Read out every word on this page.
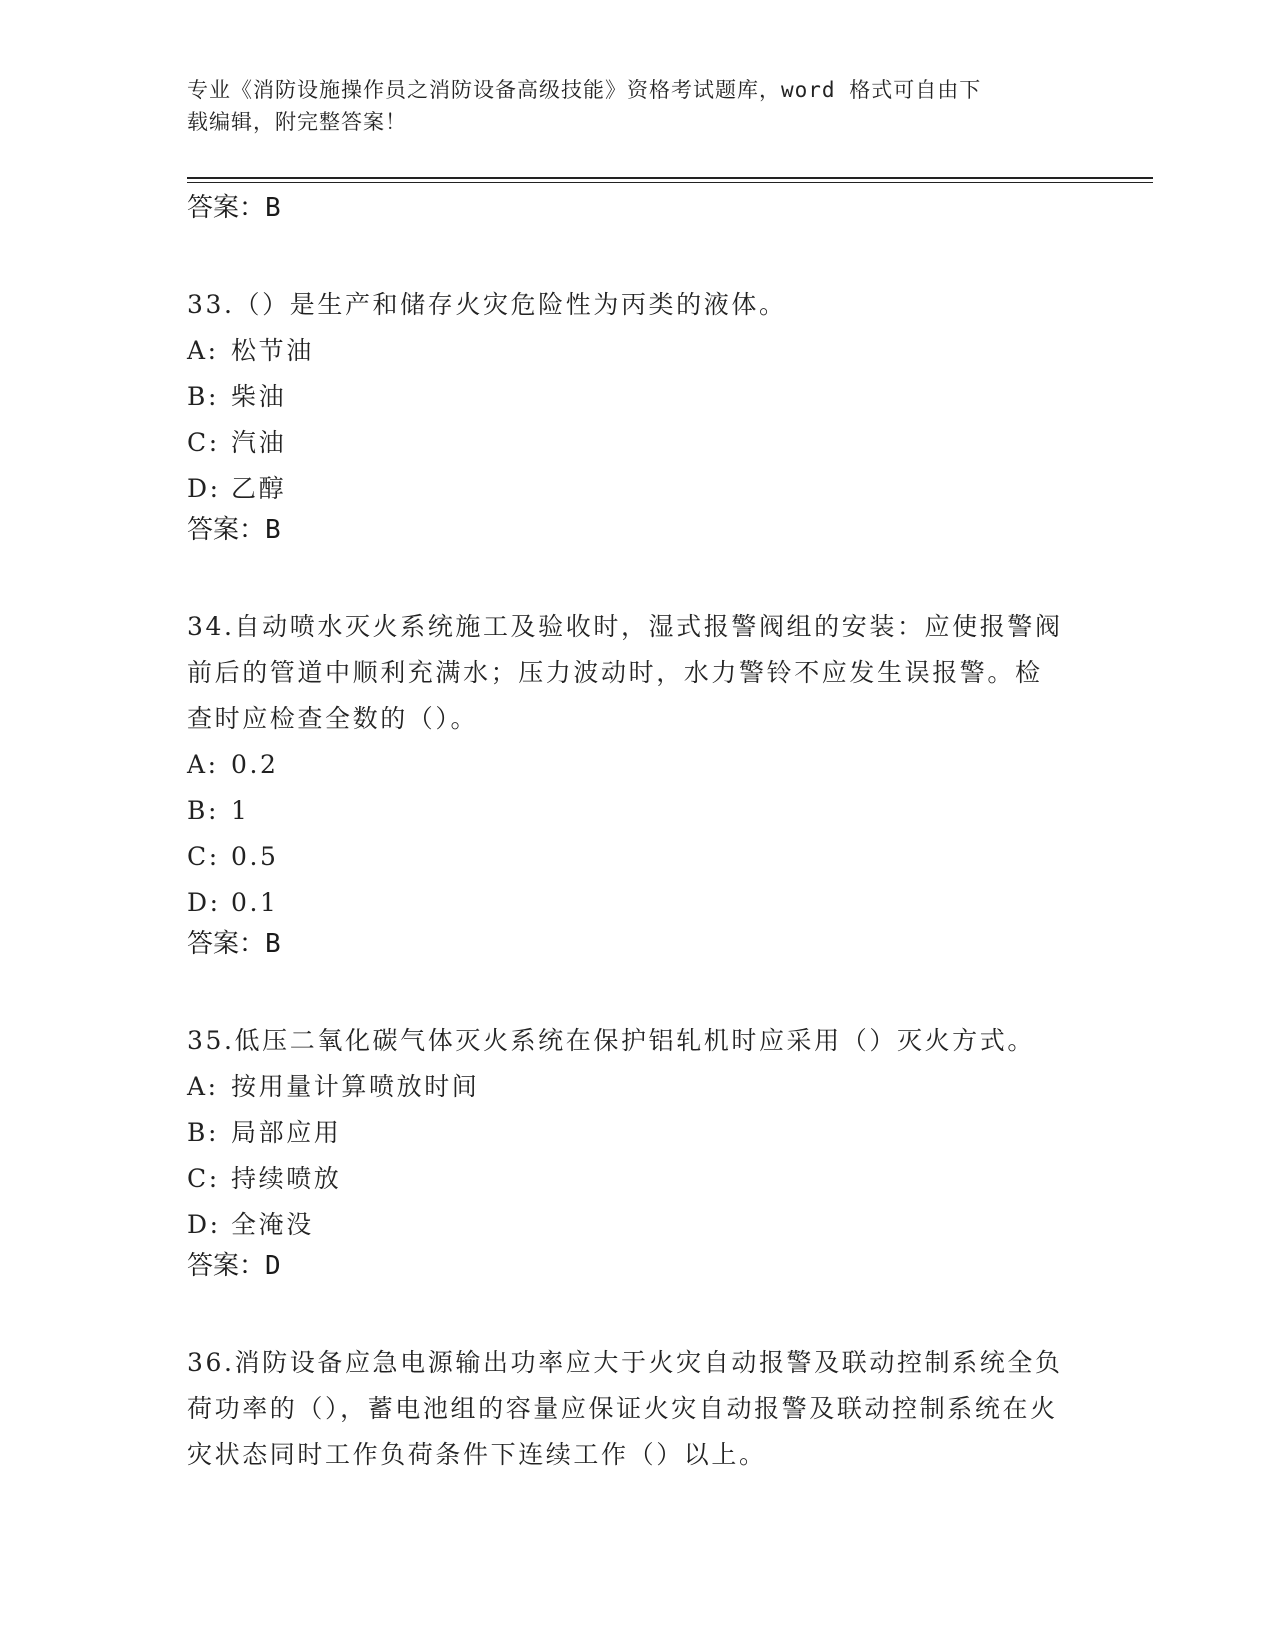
专业《消防设施操作员之消防设备高级技能》资格考试题库，word 格式可自由下
载编辑，附完整答案！
答案：B
33.（）是生产和储存火灾危险性为丙类的液体。
A: 松节油
B: 柴油
C: 汽油
D: 乙醇
答案：B
34.自动喷水灭火系统施工及验收时，湿式报警阀组的安装：应使报警阀前后的管道中顺利充满水；压力波动时，水力警铃不应发生误报警。检查时应检查全数的（）。
A: 0.2
B: 1
C: 0.5
D: 0.1
答案：B
35.低压二氧化碳气体灭火系统在保护铝轧机时应采用（）灭火方式。
A: 按用量计算喷放时间
B: 局部应用
C: 持续喷放
D: 全淹没
答案：D
36.消防设备应急电源输出功率应大于火灾自动报警及联动控制系统全负荷功率的（），蓄电池组的容量应保证火灾自动报警及联动控制系统在火灾状态同时工作负荷条件下连续工作（）以上。
